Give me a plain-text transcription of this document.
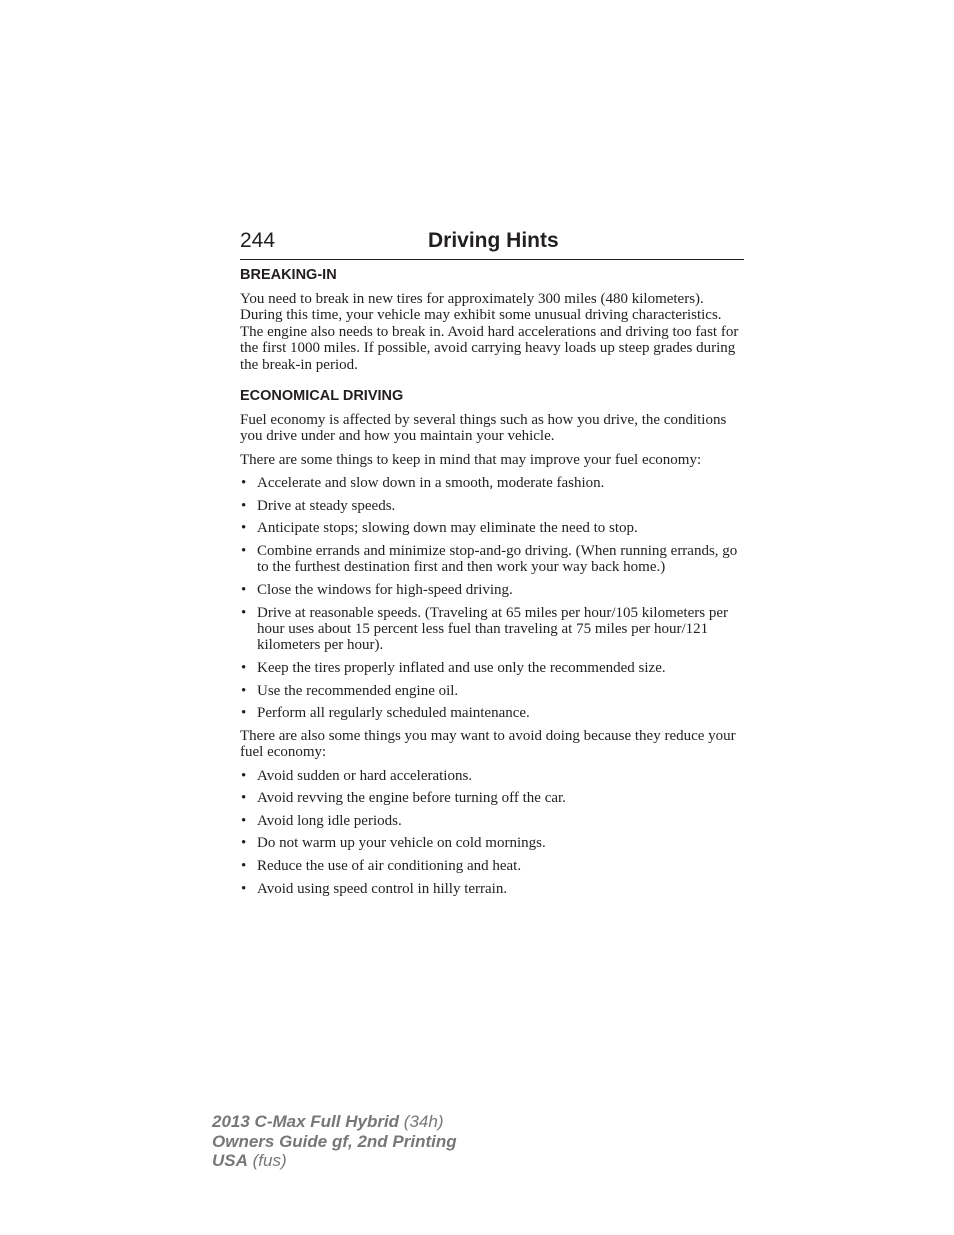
244	Driving Hints
BREAKING-IN

You need to break in new tires for approximately 300 miles (480 kilometers). During this time, your vehicle may exhibit some unusual driving characteristics. The engine also needs to break in. Avoid hard accelerations and driving too fast for the first 1000 miles. If possible, avoid carrying heavy loads up steep grades during the break-in period.

ECONOMICAL DRIVING

Fuel economy is affected by several things such as how you drive, the conditions you drive under and how you maintain your vehicle.

There are some things to keep in mind that may improve your fuel economy:

• Accelerate and slow down in a smooth, moderate fashion.
• Drive at steady speeds.
• Anticipate stops; slowing down may eliminate the need to stop.
• Combine errands and minimize stop-and-go driving. (When running errands, go to the furthest destination first and then work your way back home.)
• Close the windows for high-speed driving.
• Drive at reasonable speeds. (Traveling at 65 miles per hour/105 kilometers per hour uses about 15 percent less fuel than traveling at 75 miles per hour/121 kilometers per hour).
• Keep the tires properly inflated and use only the recommended size.
• Use the recommended engine oil.
• Perform all regularly scheduled maintenance.

There are also some things you may want to avoid doing because they reduce your fuel economy:

• Avoid sudden or hard accelerations.
• Avoid revving the engine before turning off the car.
• Avoid long idle periods.
• Do not warm up your vehicle on cold mornings.
• Reduce the use of air conditioning and heat.
• Avoid using speed control in hilly terrain.
2013 C-Max Full Hybrid (34h)
Owners Guide gf, 2nd Printing
USA (fus)
